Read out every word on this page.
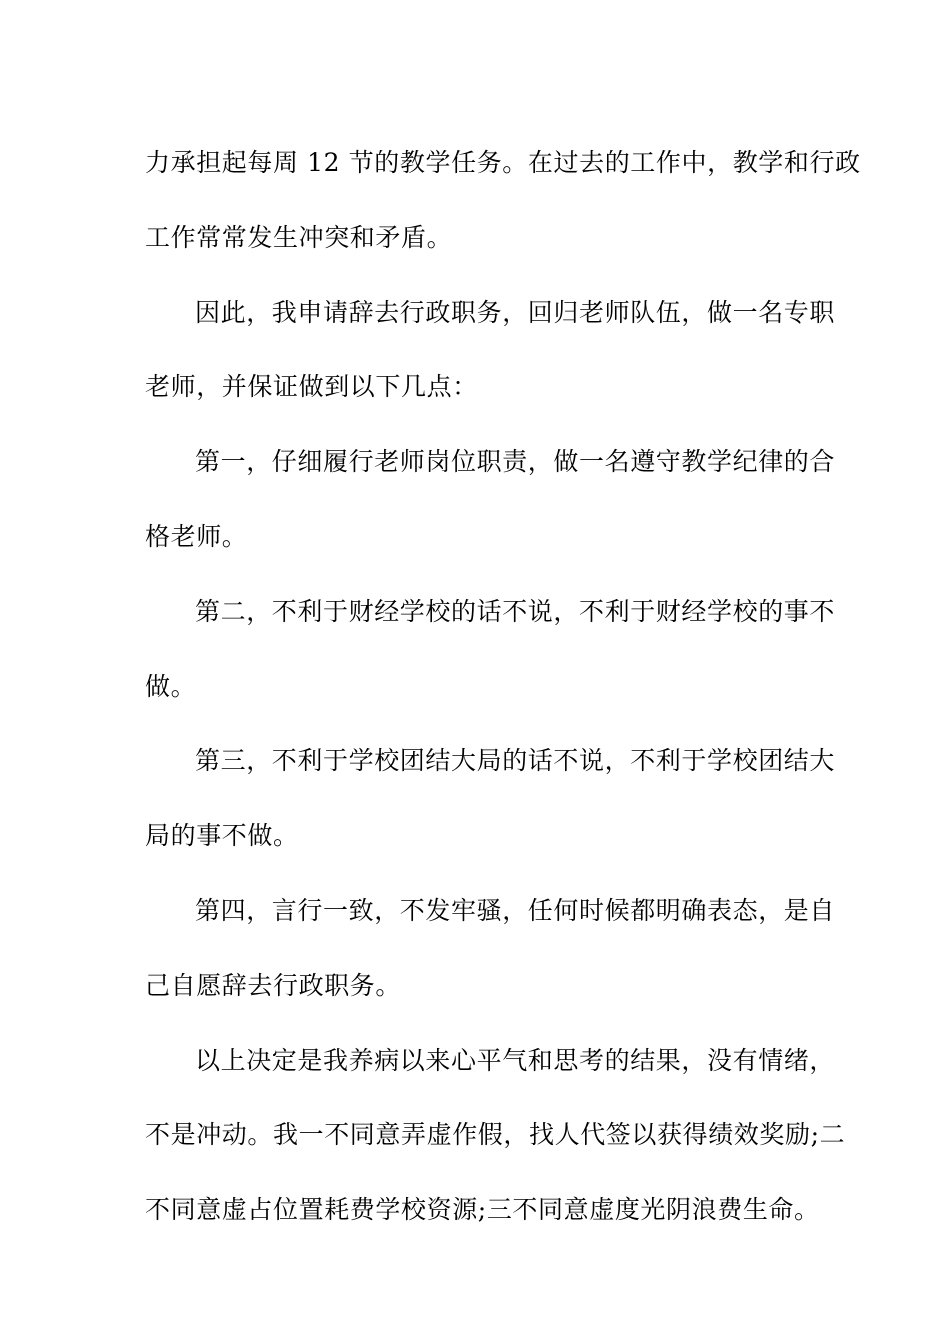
力承担起每周 12 节的教学任务。在过去的工作中，教学和行政
工作常常发生冲突和矛盾。

因此，我申请辞去行政职务，回归老师队伍，做一名专职
老师，并保证做到以下几点：

第一，仔细履行老师岗位职责，做一名遵守教学纪律的合
格老师。

第二，不利于财经学校的话不说，不利于财经学校的事不
做。

第三，不利于学校团结大局的话不说，不利于学校团结大
局的事不做。

第四，言行一致，不发牢骚，任何时候都明确表态，是自
己自愿辞去行政职务。

以上决定是我养病以来心平气和思考的结果，没有情绪，
不是冲动。我一不同意弄虚作假，找人代签以获得绩效奖励;二
不同意虚占位置耗费学校资源;三不同意虚度光阴浪费生命。
